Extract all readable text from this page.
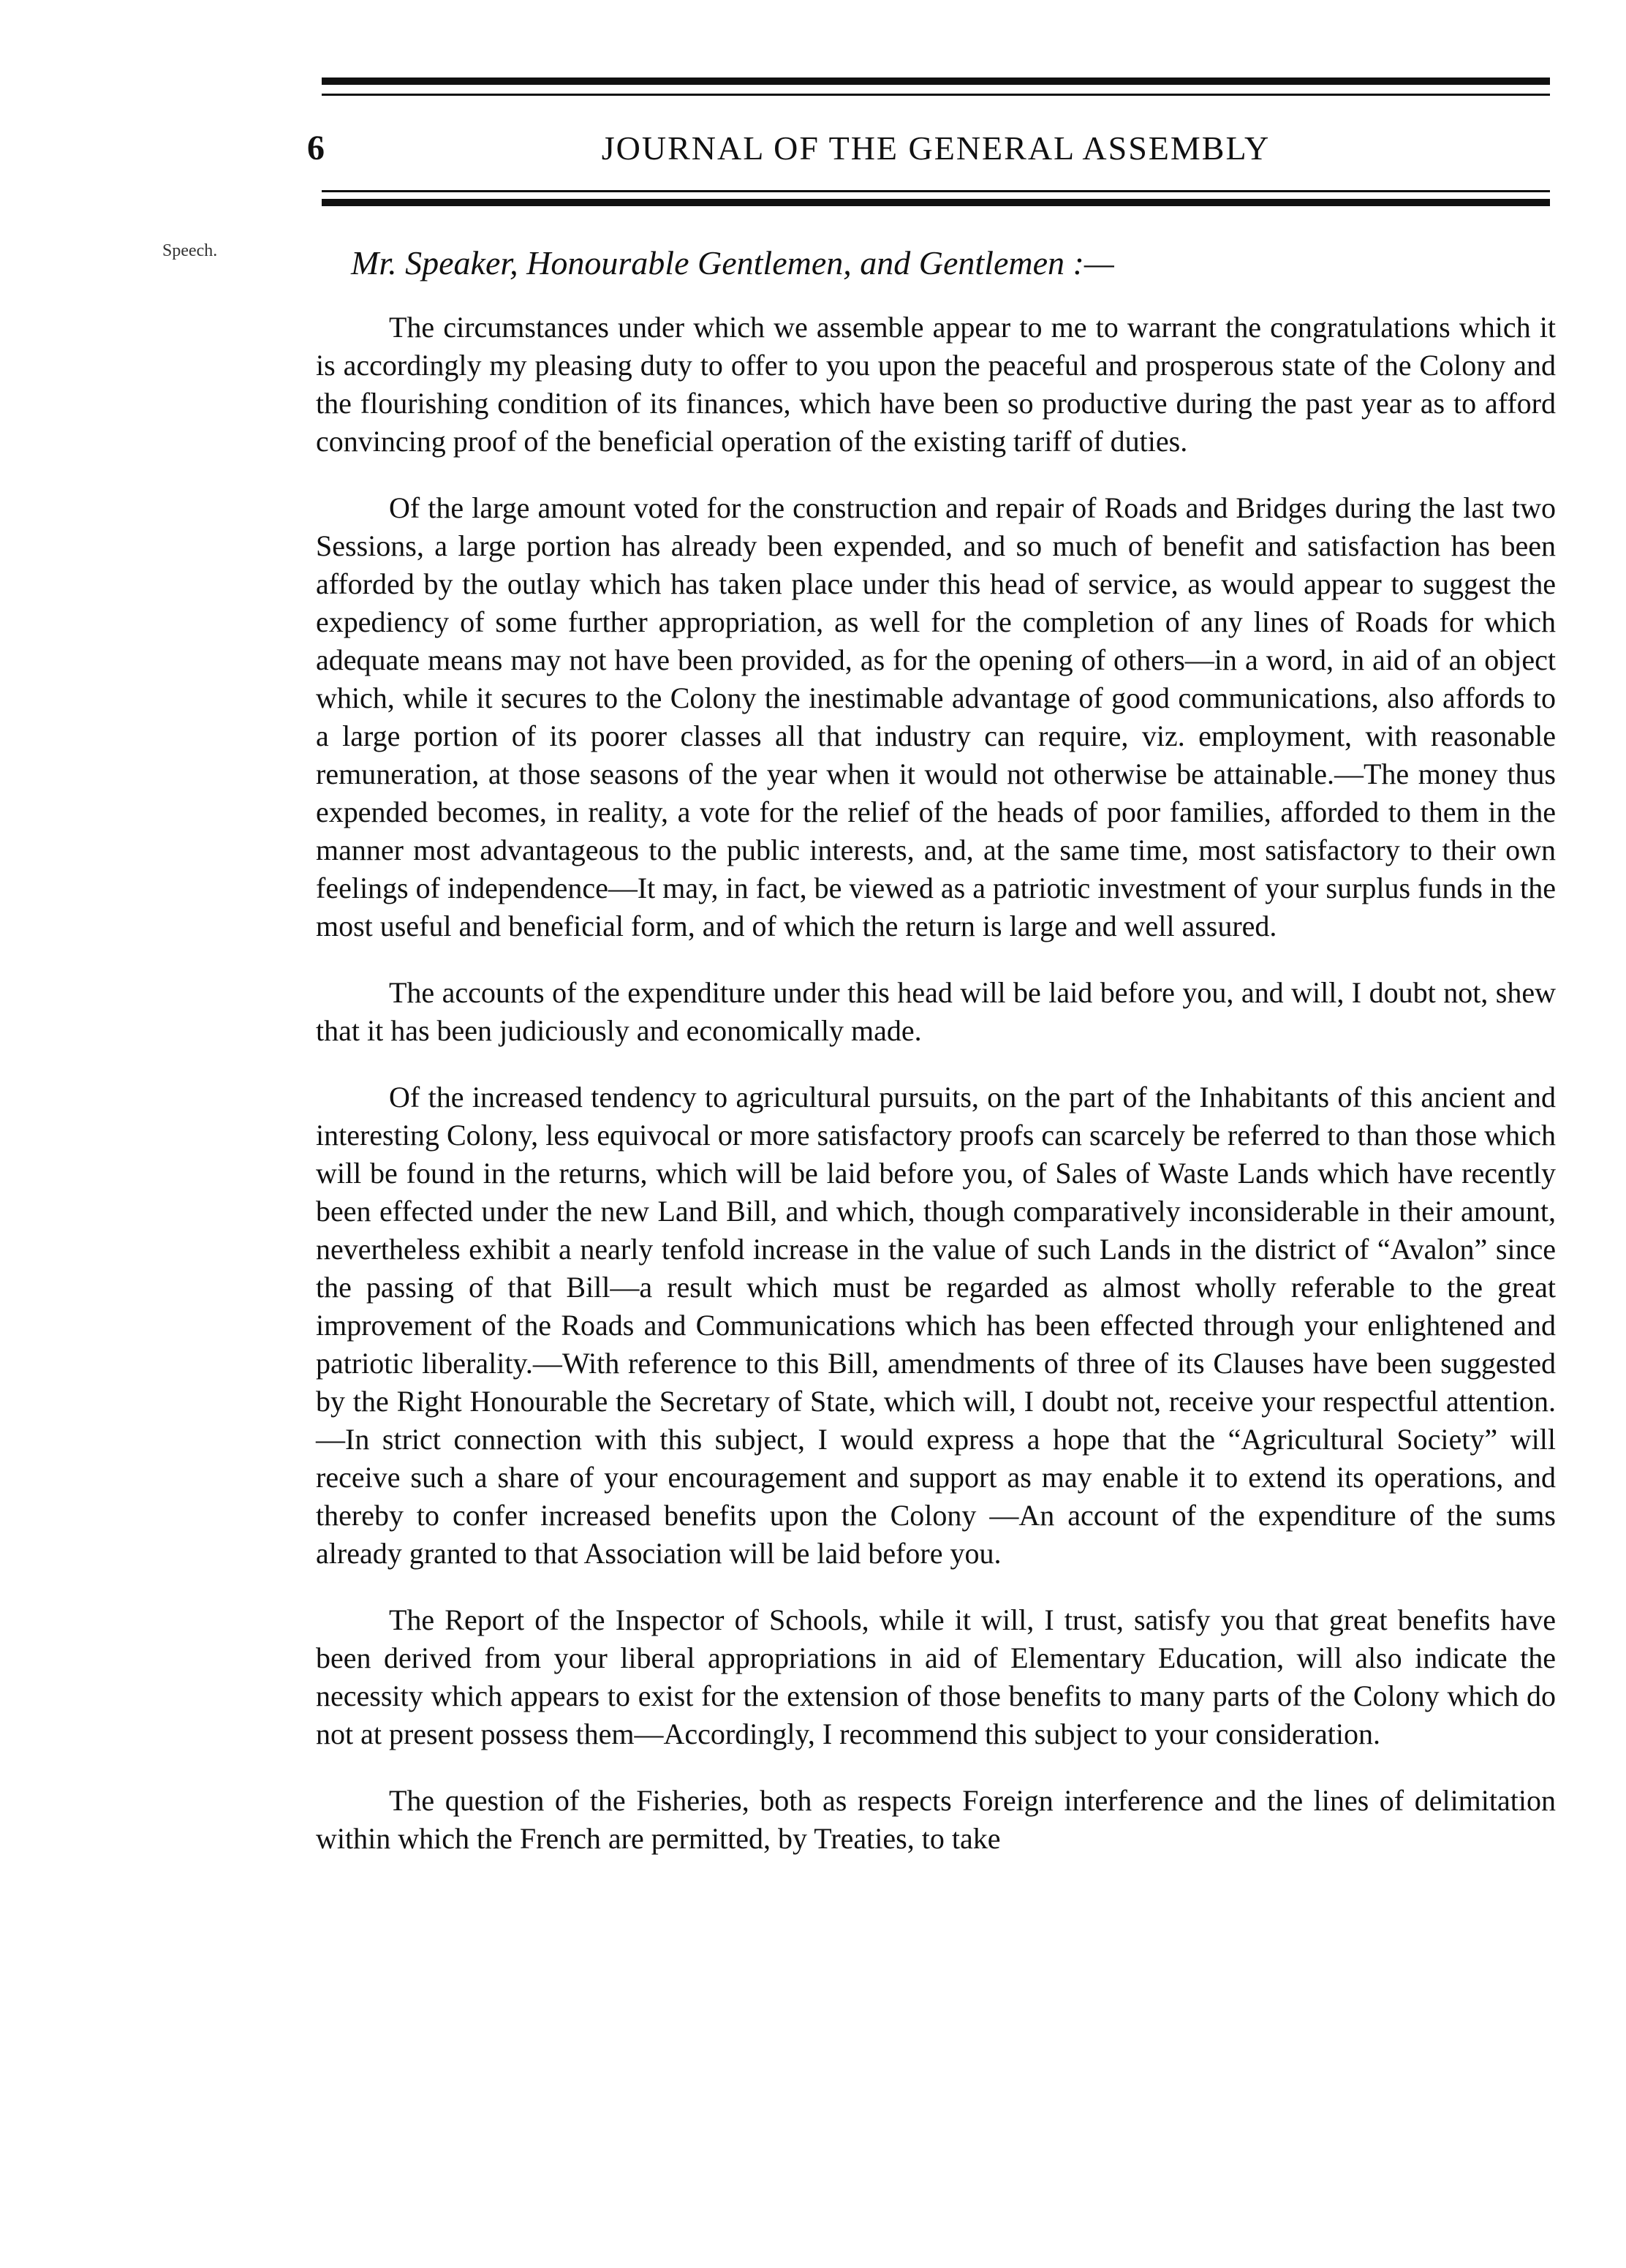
6	JOURNAL OF THE GENERAL ASSEMBLY
Speech.	Mr. Speaker, Honourable Gentlemen, and Gentlemen :—

The circumstances under which we assemble appear to me to warrant the congratulations which it is accordingly my pleasing duty to offer to you upon the peaceful and prosperous state of the Colony and the flourishing condition of its finances, which have been so productive during the past year as to afford convincing proof of the beneficial operation of the existing tariff of duties.

Of the large amount voted for the construction and repair of Roads and Bridges during the last two Sessions, a large portion has already been expended, and so much of benefit and satisfaction has been afforded by the outlay which has taken place under this head of service, as would appear to suggest the expediency of some further appropriation, as well for the completion of any lines of Roads for which adequate means may not have been provided, as for the opening of others—in a word, in aid of an object which, while it secures to the Colony the inestimable advantage of good communications, also affords to a large portion of its poorer classes all that industry can require, viz. employment, with reasonable remuneration, at those seasons of the year when it would not otherwise be attainable.—The money thus expended becomes, in reality, a vote for the relief of the heads of poor families, afforded to them in the manner most advantageous to the public interests, and, at the same time, most satisfactory to their own feelings of independence—It may, in fact, be viewed as a patriotic investment of your surplus funds in the most useful and beneficial form, and of which the return is large and well assured.

The accounts of the expenditure under this head will be laid before you, and will, I doubt not, shew that it has been judiciously and economically made.

Of the increased tendency to agricultural pursuits, on the part of the Inhabitants of this ancient and interesting Colony, less equivocal or more satisfactory proofs can scarcely be referred to than those which will be found in the returns, which will be laid before you, of Sales of Waste Lands which have recently been effected under the new Land Bill, and which, though comparatively inconsiderable in their amount, nevertheless exhibit a nearly tenfold increase in the value of such Lands in the district of “Avalon” since the passing of that Bill—a result which must be regarded as almost wholly referable to the great improvement of the Roads and Communications which has been effected through your enlightened and patriotic liberality.—With reference to this Bill, amendments of three of its Clauses have been suggested by the Right Honourable the Secretary of State, which will, I doubt not, receive your respectful attention.—In strict connection with this subject, I would express a hope that the “Agricultural Society” will receive such a share of your encouragement and support as may enable it to extend its operations, and thereby to confer increased benefits upon the Colony —An account of the expenditure of the sums already granted to that Association will be laid before you.

The Report of the Inspector of Schools, while it will, I trust, satisfy you that great benefits have been derived from your liberal appropriations in aid of Elementary Education, will also indicate the necessity which appears to exist for the extension of those benefits to many parts of the Colony which do not at present possess them—Accordingly, I recommend this subject to your consideration.

The question of the Fisheries, both as respects Foreign interference and the lines of delimitation within which the French are permitted, by Treaties, to take
